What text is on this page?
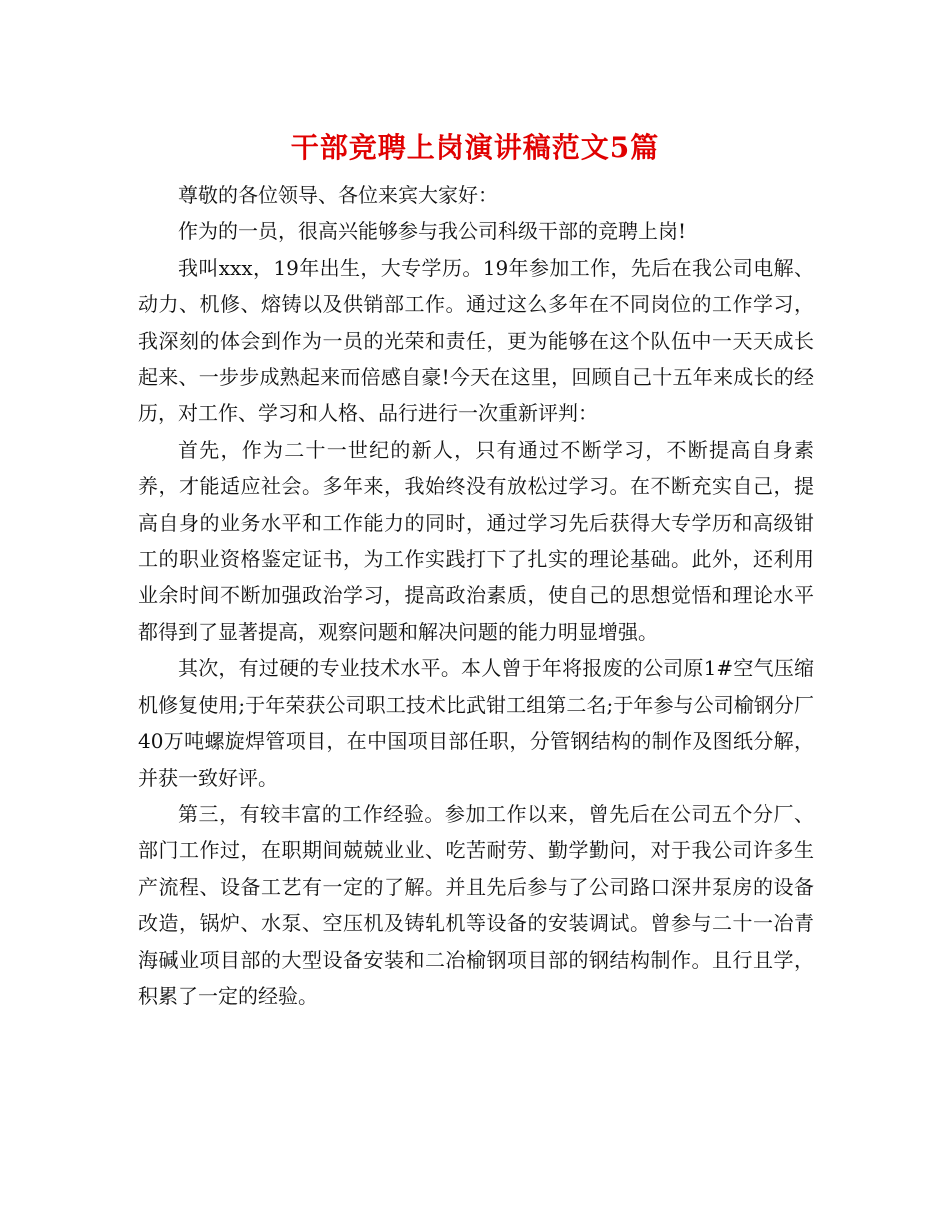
干部竞聘上岗演讲稿范文5篇

尊敬的各位领导、各位来宾大家好：

作为的一员，很高兴能够参与我公司科级干部的竞聘上岗!

我叫xxx，19年出生，大专学历。19年参加工作，先后在我公司电解、动力、机修、熔铸以及供销部工作。通过这么多年在不同岗位的工作学习，我深刻的体会到作为一员的光荣和责任，更为能够在这个队伍中一天天成长起来、一步步成熟起来而倍感自豪!今天在这里，回顾自己十五年来成长的经历，对工作、学习和人格、品行进行一次重新评判：

首先，作为二十一世纪的新人，只有通过不断学习，不断提高自身素养，才能适应社会。多年来，我始终没有放松过学习。在不断充实自己，提高自身的业务水平和工作能力的同时，通过学习先后获得大专学历和高级钳工的职业资格鉴定证书，为工作实践打下了扎实的理论基础。此外，还利用业余时间不断加强政治学习，提高政治素质，使自己的思想觉悟和理论水平都得到了显著提高，观察问题和解决问题的能力明显增强。

其次，有过硬的专业技术水平。本人曾于年将报废的公司原1#空气压缩机修复使用;于年荣获公司职工技术比武钳工组第二名;于年参与公司榆钢分厂40万吨螺旋焊管项目，在中国项目部任职，分管钢结构的制作及图纸分解，并获一致好评。

第三，有较丰富的工作经验。参加工作以来，曾先后在公司五个分厂、部门工作过，在职期间兢兢业业、吃苦耐劳、勤学勤问，对于我公司许多生产流程、设备工艺有一定的了解。并且先后参与了公司路口深井泵房的设备改造，锅炉、水泵、空压机及铸轧机等设备的安装调试。曾参与二十一冶青海碱业项目部的大型设备安装和二冶榆钢项目部的钢结构制作。且行且学，积累了一定的经验。
